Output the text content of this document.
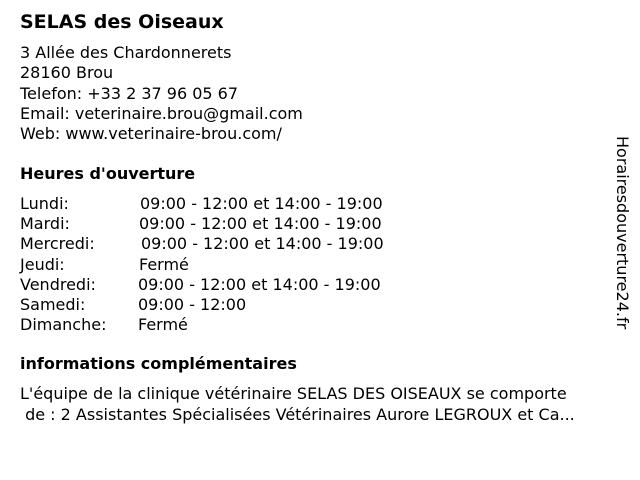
SELAS des Oiseaux
3 Allée des Chardonnerets
28160 Brou
Telefon: +33 2 37 96 05 67
Email: veterinaire.brou@gmail.com
Web: www.veterinaire-brou.com/
Heures d'ouverture
Lundi:	09:00 - 12:00 et 14:00 - 19:00
Mardi:	09:00 - 12:00 et 14:00 - 19:00
Mercredi:	09:00 - 12:00 et 14:00 - 19:00
Jeudi:	Fermé
Vendredi:	09:00 - 12:00 et 14:00 - 19:00
Samedi:	09:00 - 12:00
Dimanche: Fermé
informations complémentaires
L'équipe de la clinique vétérinaire SELAS DES OISEAUX se comporte
de : 2 Assistantes Spécialisées Vétérinaires Aurore LEGROUX et Ca...
Horairesdouverture24.fr
